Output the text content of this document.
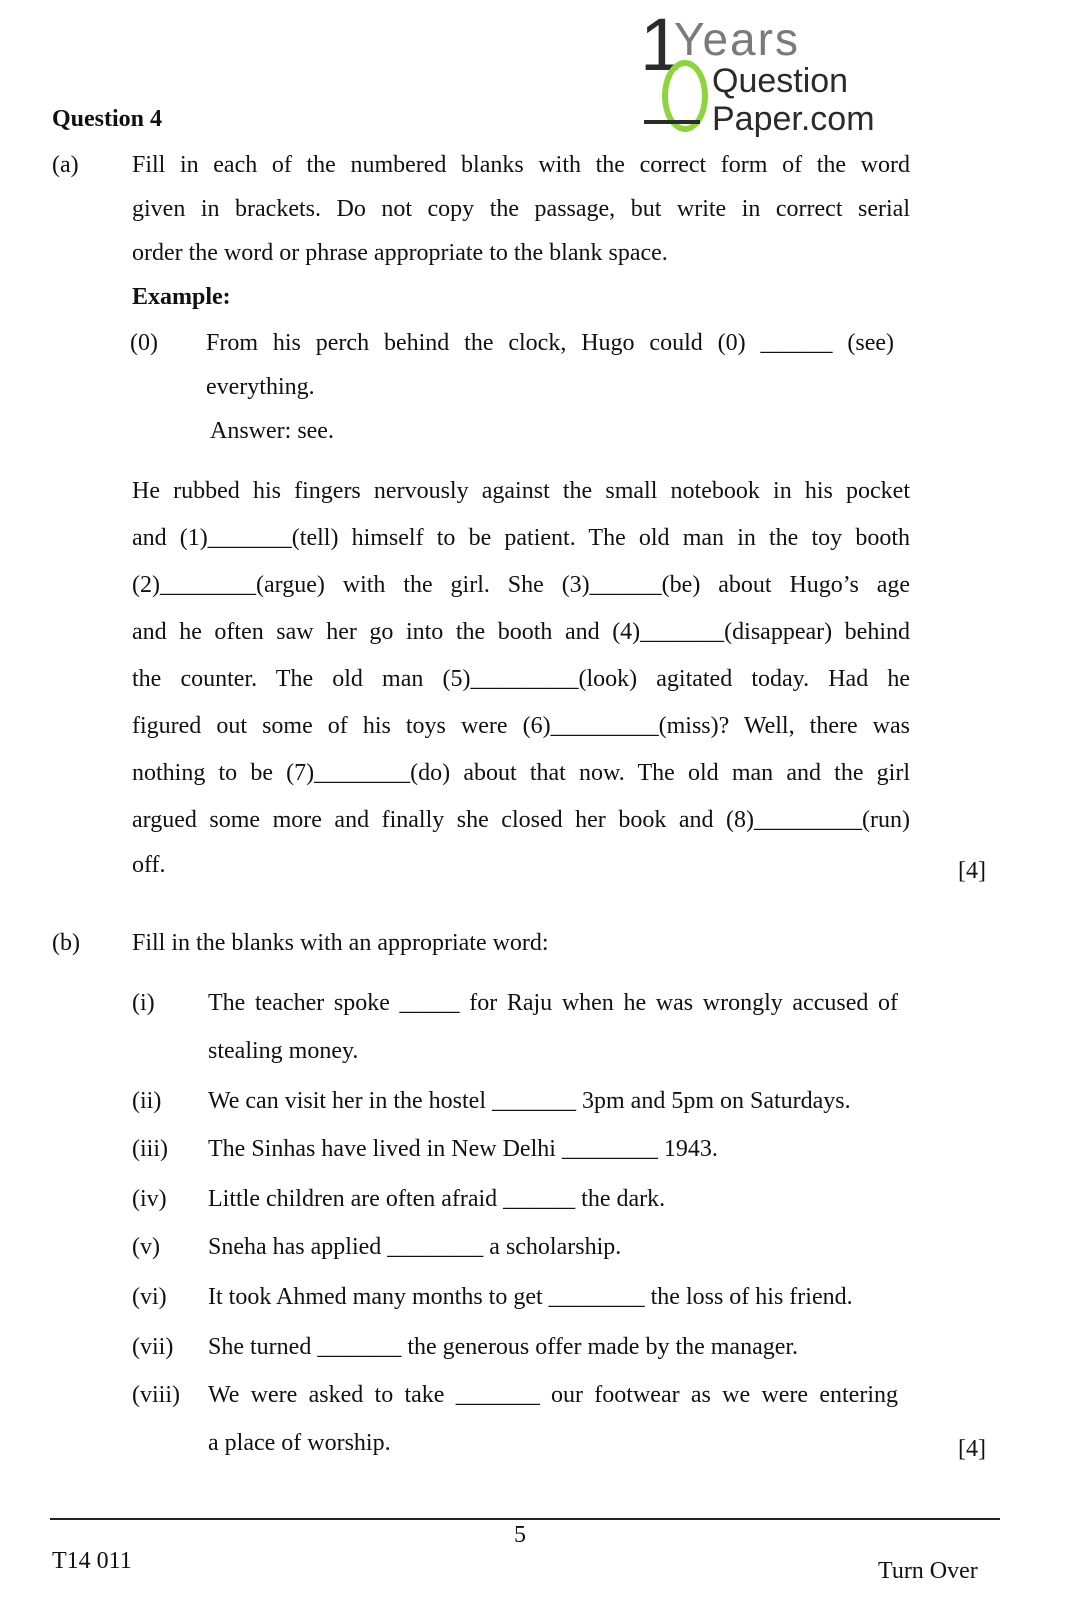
1
Years
Question
Paper.com
Question 4
(a) Fill in each of the numbered blanks with the correct form of the word
given in brackets. Do not copy the passage, but write in correct serial
order the word or phrase appropriate to the blank space.
Example:
(0) From his perch behind the clock, Hugo could (0) ______ (see)
everything.
Answer: see.
He rubbed his fingers nervously against the small notebook in his pocket
and (1)_______(tell) himself to be patient. The old man in the toy booth
(2)________(argue) with the girl. She (3)______(be) about Hugo’s age
and he often saw her go into the booth and (4)_______(disappear) behind
the counter. The old man (5)_________(look) agitated today. Had he
figured out some of his toys were (6)_________(miss)? Well, there was
nothing to be (7)________(do) about that now. The old man and the girl
argued some more and finally she closed her book and (8)_________(run)
off.	[4]
(b) Fill in the blanks with an appropriate word:
(i) The teacher spoke _____ for Raju when he was wrongly accused of
stealing money.
(ii) We can visit her in the hostel _______ 3pm and 5pm on Saturdays.
(iii) The Sinhas have lived in New Delhi ________ 1943.
(iv) Little children are often afraid ______ the dark.
(v) Sneha has applied ________ a scholarship.
(vi) It took Ahmed many months to get ________ the loss of his friend.
(vii) She turned _______ the generous offer made by the manager.
(viii) We were asked to take _______ our footwear as we were entering
a place of worship.	[4]
5
T14 011	Turn Over
